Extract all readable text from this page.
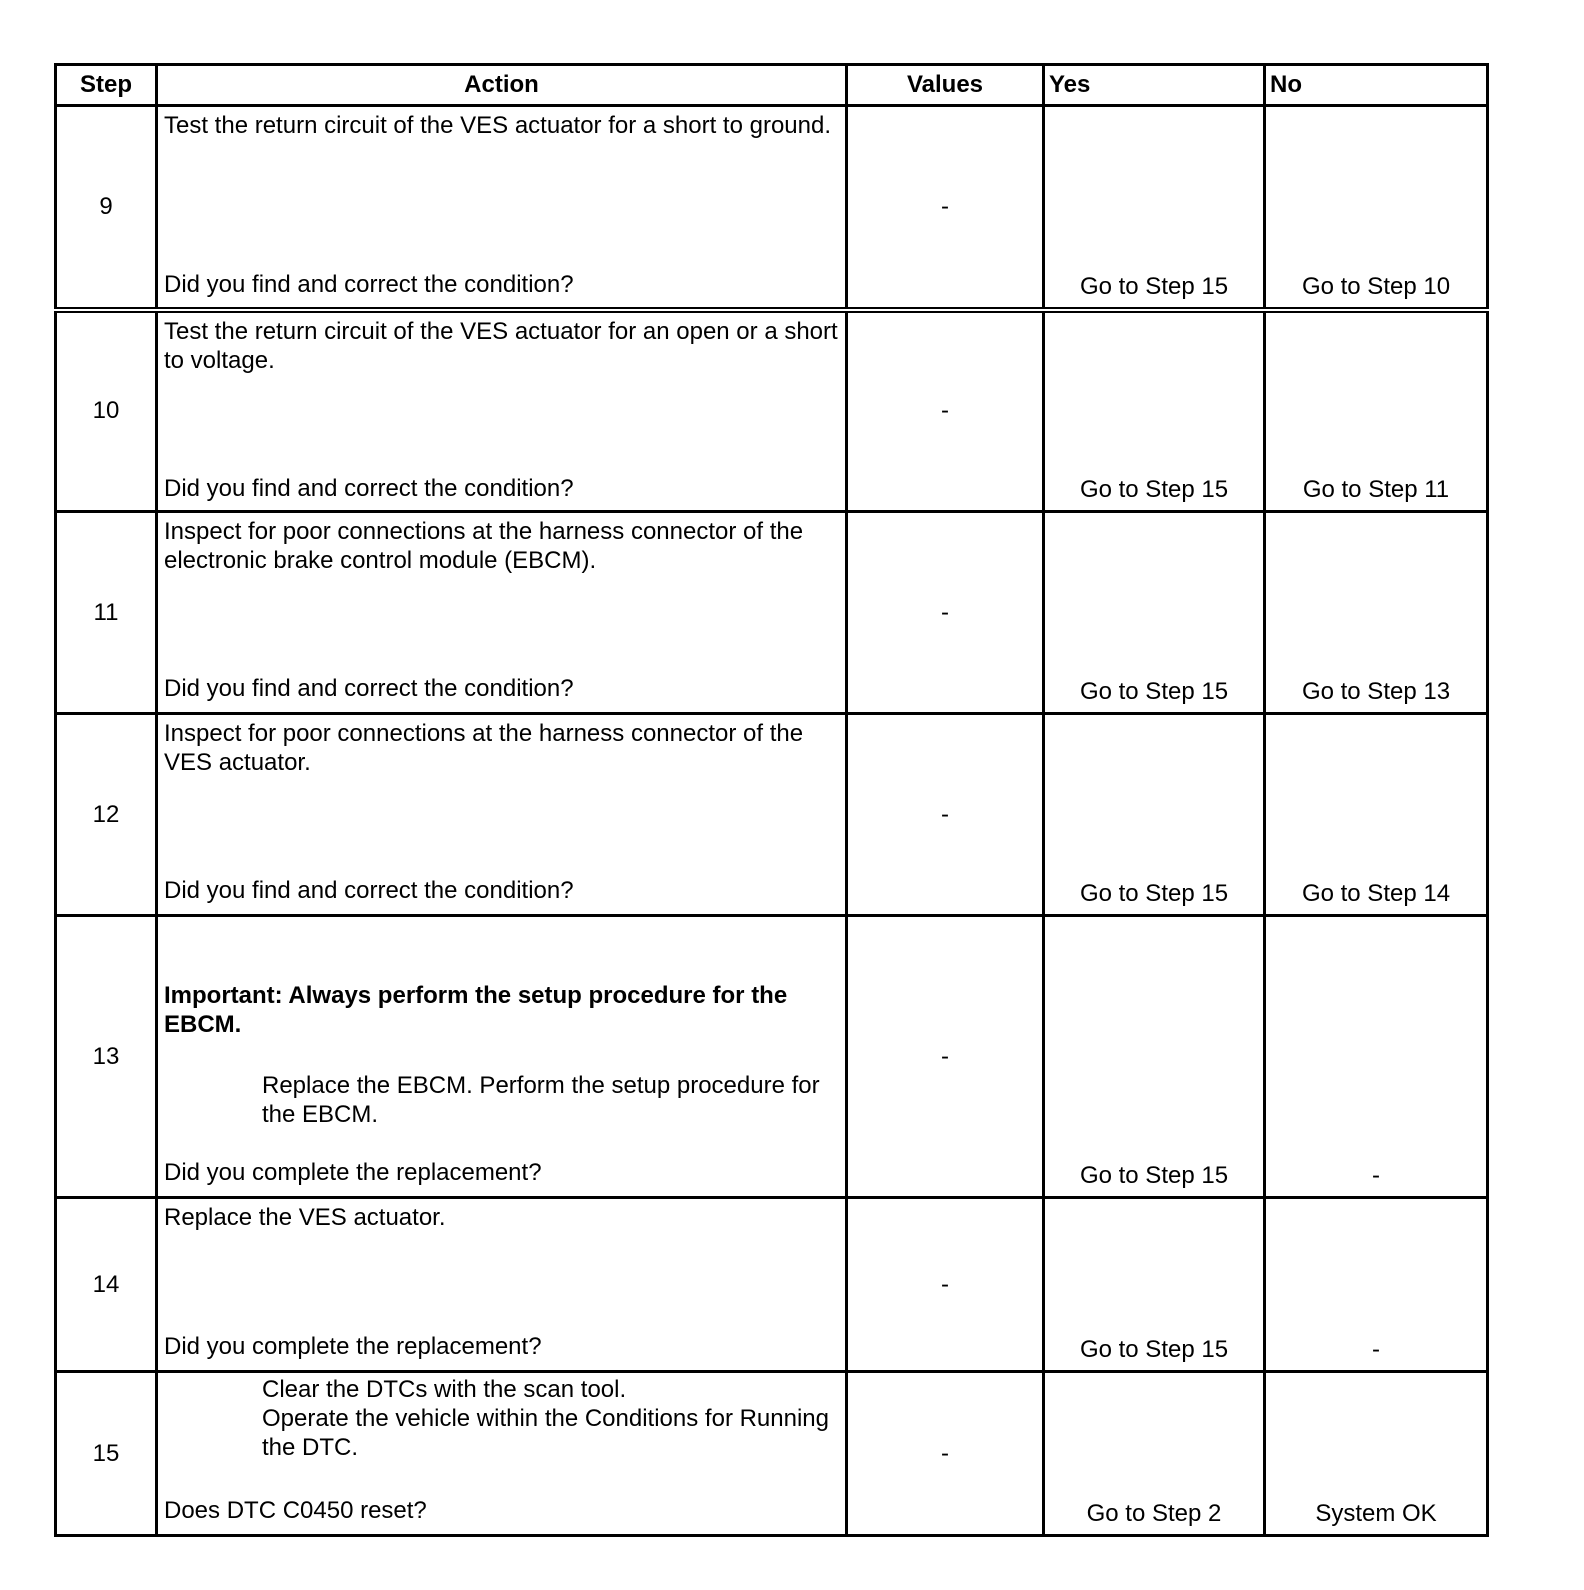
Step	Action	Values	Yes	No
9	Test the return circuit of the VES actuator for a short to ground.
Did you find and correct the condition?	-	Go to Step 15	Go to Step 10
10	Test the return circuit of the VES actuator for an open or a short to voltage.
Did you find and correct the condition?	-	Go to Step 15	Go to Step 11
11	Inspect for poor connections at the harness connector of the electronic brake control module (EBCM).
Did you find and correct the condition?	-	Go to Step 15	Go to Step 13
12	Inspect for poor connections at the harness connector of the VES actuator.
Did you find and correct the condition?	-	Go to Step 15	Go to Step 14
13	Important: Always perform the setup procedure for the EBCM.
Replace the EBCM. Perform the setup procedure for the EBCM.
Did you complete the replacement?	-	Go to Step 15	-
14	Replace the VES actuator.
Did you complete the replacement?	-	Go to Step 15	-
15	Clear the DTCs with the scan tool.
Operate the vehicle within the Conditions for Running the DTC.
Does DTC C0450 reset?	-	Go to Step 2	System OK
